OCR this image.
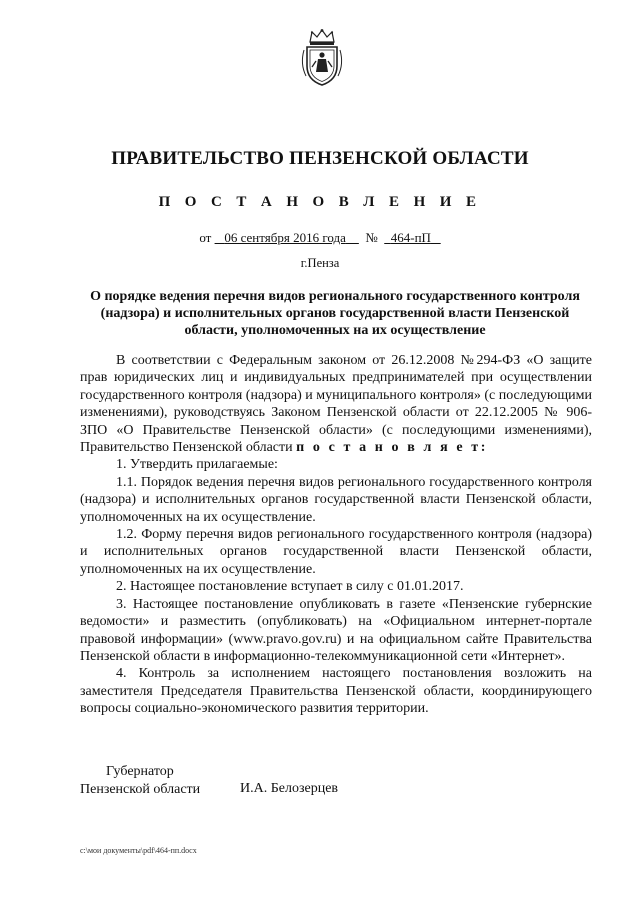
ПРАВИТЕЛЬСТВО ПЕНЗЕНСКОЙ ОБЛАСТИ
П О С Т А Н О В Л Е Н И Е
от 06 сентября 2016 года № 464-пП
г.Пенза
О порядке ведения перечня видов регионального государственного контроля (надзора) и исполнительных органов государственной власти Пензенской области, уполномоченных на их осуществление

В соответствии с Федеральным законом от 26.12.2008 №294-ФЗ «О защите прав юридических лиц и индивидуальных предпринимателей при осуществлении государственного контроля (надзора) и муниципального контроля» (с последующими изменениями), руководствуясь Законом Пензенской области от 22.12.2005 № 906-ЗПО «О Правительстве Пензенской области» (с последующими изменениями), Правительство Пензенской области п о с т а н о в л я е т:

1. Утвердить прилагаемые:

1.1. Порядок ведения перечня видов регионального государственного контроля (надзора) и исполнительных органов государственной власти Пензенской области, уполномоченных на их осуществление.

1.2. Форму перечня видов регионального государственного контроля (надзора) и исполнительных органов государственной власти Пензенской области, уполномоченных на их осуществление.

2. Настоящее постановление вступает в силу с 01.01.2017.

3. Настоящее постановление опубликовать в газете «Пензенские губернские ведомости» и разместить (опубликовать) на «Официальном интернет-портале правовой информации» (www.pravo.gov.ru) и на официальном сайте Правительства Пензенской области в информационно-телекоммуникационной сети «Интернет».

4. Контроль за исполнением настоящего постановления возложить на заместителя Председателя Правительства Пензенской области, координирующего вопросы социально-экономического развития территории.

Губернатор
Пензенской области	И.А. Белозерцев
с:\мои документы\pdf\464-пп.docx
